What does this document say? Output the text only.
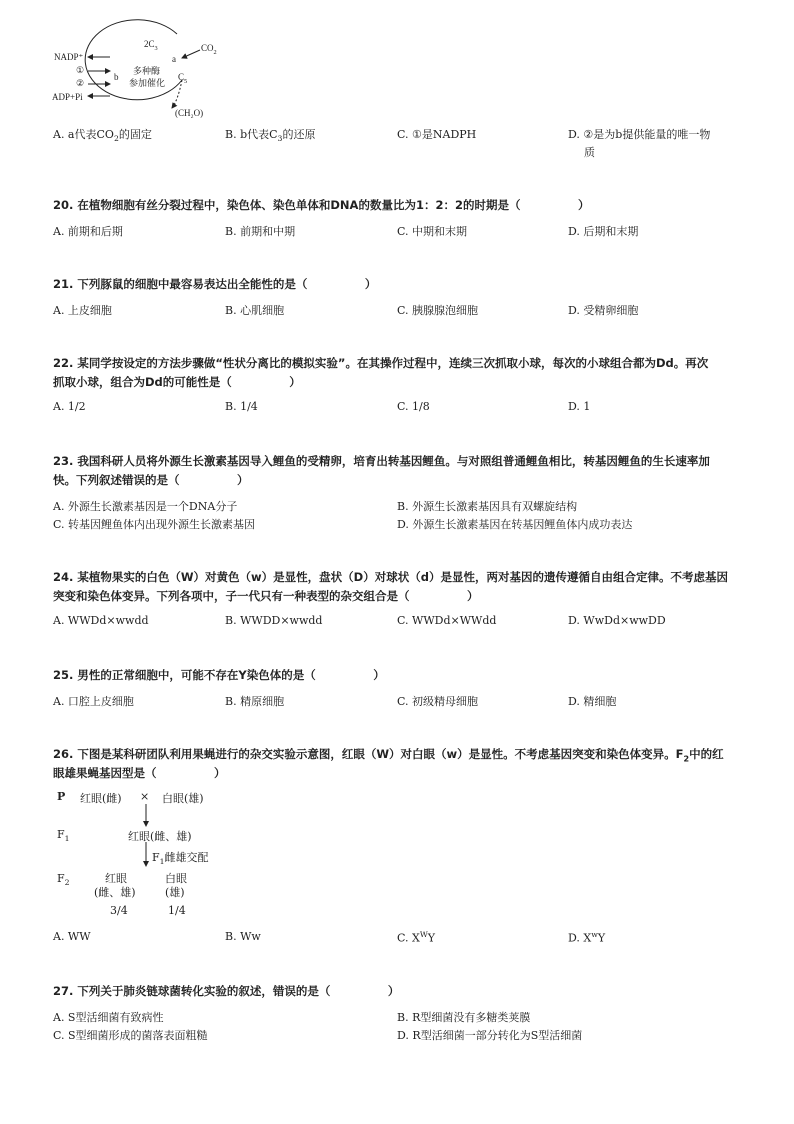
NADP⁺
①
②
ADP+Pi
b
$2C_3$
a
$C_5$
$CO_2$
多种酶
参加催化
(CH₂O)
A. a代表$CO_2$的固定	B. b代表$C_3$的还原	C. ①是NADPH	D. ②是为b提供能量的唯一物
质
20. 在植物细胞有丝分裂过程中，染色体、染色单体和DNA的数量比为1：2：2的时期是（　　　　　）
A. 前期和后期	B. 前期和中期	C. 中期和末期	D. 后期和末期
21. 下列豚鼠的细胞中最容易表达出全能性的是（　　　　　）
A. 上皮细胞	B. 心肌细胞	C. 胰腺腺泡细胞	D. 受精卵细胞
22. 某同学按设定的方法步骤做“性状分离比的模拟实验”。在其操作过程中，连续三次抓取小球，每次的小球组合都为Dd。再次
抓取小球，组合为Dd的可能性是（　　　　　）
A. 1/2	B. 1/4	C. 1/8	D. 1
23. 我国科研人员将外源生长激素基因导入鲤鱼的受精卵，培育出转基因鲤鱼。与对照组普通鲤鱼相比，转基因鲤鱼的生长速率加
快。下列叙述错误的是（　　　　　）
A. 外源生长激素基因是一个DNA分子	B. 外源生长激素基因具有双螺旋结构
C. 转基因鲤鱼体内出现外源生长激素基因	D. 外源生长激素基因在转基因鲤鱼体内成功表达
24. 某植物果实的白色（W）对黄色（w）是显性，盘状（D）对球状（d）是显性，两对基因的遗传遵循自由组合定律。不考虑基因
突变和染色体变异。下列各项中，子一代只有一种表型的杂交组合是（　　　　　）
A. WWDd×wwdd	B. WWDD×wwdd	C. WWDd×WWdd	D. WwDd×wwDD
25. 男性的正常细胞中，可能不存在Y染色体的是（　　　　　）
A. 口腔上皮细胞	B. 精原细胞	C. 初级精母细胞	D. 精细胞
26. 下图是某科研团队利用果蝇进行的杂交实验示意图，红眼（W）对白眼（w）是显性。不考虑基因突变和染色体变异。$F_2$中的红
眼雄果蝇基因型是（　　　　　）
P 红眼(雌) × 白眼(雄)
$F_1$	红眼(雌、雄)
$F_1$雌雄交配
$F_2$	红眼
(雌、雄)
白眼
(雄)
3/4	1/4
A. WW	B. Ww	C. $X^WY$	D. $X^wY$
27. 下列关于肺炎链球菌转化实验的叙述，错误的是（　　　　　）
A. S型活细菌有致病性	B. R型细菌没有多糖类荚膜
C. S型细菌形成的菌落表面粗糙	D. R型活细菌一部分转化为S型活细菌
